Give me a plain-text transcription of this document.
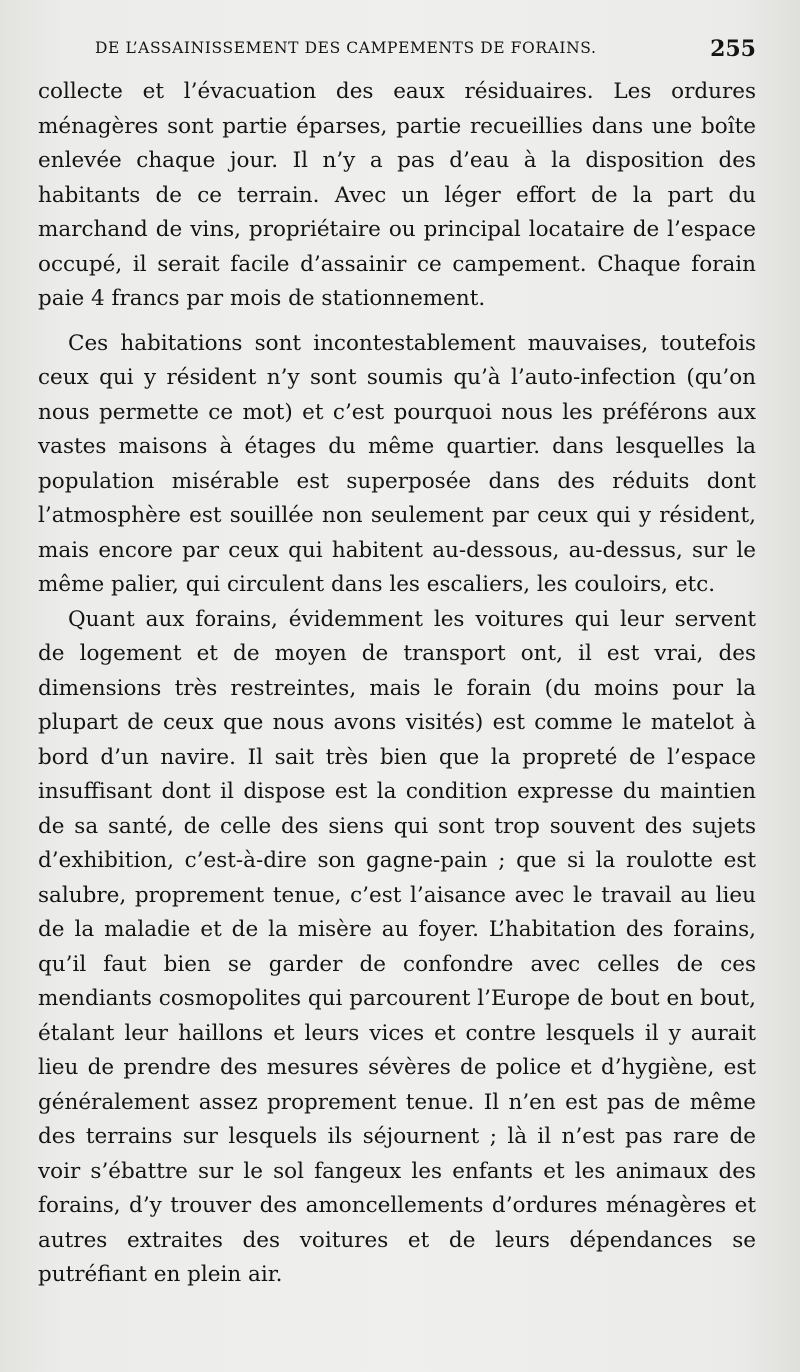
DE L’ASSAINISSEMENT DES CAMPEMENTS DE FORAINS.	255

collecte et l’évacuation des eaux résiduaires. Les ordures ménagères sont partie éparses, partie recueillies dans une boîte enlevée chaque jour. Il n’y a pas d’eau à la disposition des habitants de ce terrain. Avec un léger effort de la part du marchand de vins, propriétaire ou principal locataire de l’espace occupé, il serait facile d’assainir ce campement. Chaque forain paie 4 francs par mois de stationnement.

Ces habitations sont incontestablement mauvaises, toutefois ceux qui y résident n’y sont soumis qu’à l’auto-infection (qu’on nous permette ce mot) et c’est pourquoi nous les préférons aux vastes maisons à étages du même quartier. dans lesquelles la population misérable est superposée dans des réduits dont l’atmosphère est souillée non seulement par ceux qui y résident, mais encore par ceux qui habitent au-dessous, au-dessus, sur le même palier, qui circulent dans les escaliers, les couloirs, etc.

Quant aux forains, évidemment les voitures qui leur servent de logement et de moyen de transport ont, il est vrai, des dimensions très restreintes, mais le forain (du moins pour la plupart de ceux que nous avons visités) est comme le matelot à bord d’un navire. Il sait très bien que la propreté de l’espace insuffisant dont il dispose est la condition expresse du maintien de sa santé, de celle des siens qui sont trop souvent des sujets d’exhibition, c’est-à-dire son gagne-pain ; que si la roulotte est salubre, proprement tenue, c’est l’aisance avec le travail au lieu de la maladie et de la misère au foyer. L’habitation des forains, qu’il faut bien se garder de confondre avec celles de ces mendiants cosmopolites qui parcourent l’Europe de bout en bout, étalant leur haillons et leurs vices et contre lesquels il y aurait lieu de prendre des mesures sévères de police et d’hygiène, est généralement assez proprement tenue. Il n’en est pas de même des terrains sur lesquels ils séjournent ; là il n’est pas rare de voir s’ébattre sur le sol fangeux les enfants et les animaux des forains, d’y trouver des amoncellements d’ordures ménagères et autres extraites des voitures et de leurs dépendances se putréfiant en plein air.
